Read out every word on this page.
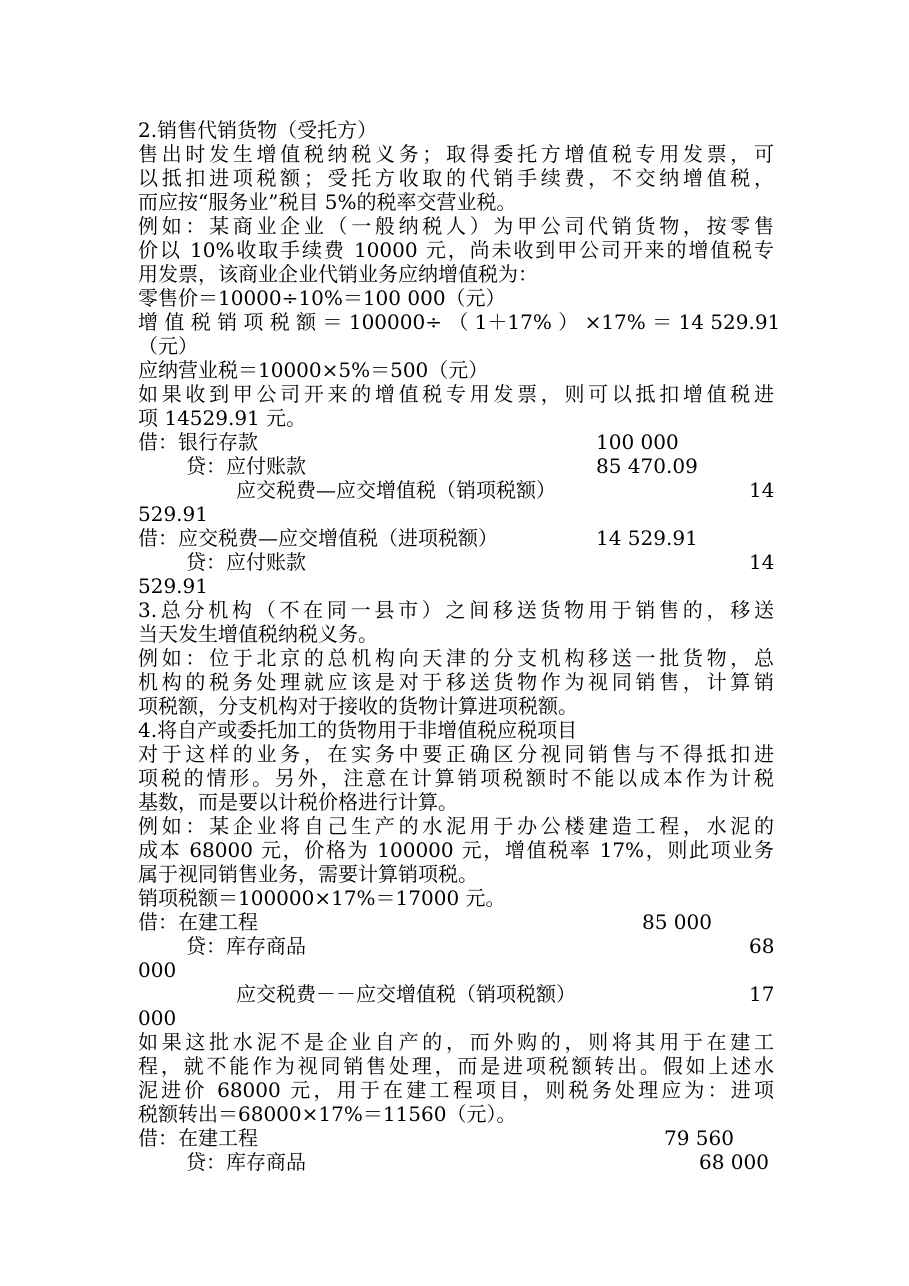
2.销售代销货物（受托方）
售出时发生增值税纳税义务；取得委托方增值税专用发票，可
以抵扣进项税额；受托方收取的代销手续费，不交纳增值税，
而应按“服务业”税目 5%的税率交营业税。
例如：某商业企业（一般纳税人）为甲公司代销货物，按零售
价以 10%收取手续费 10000 元，尚未收到甲公司开来的增值税专
用发票，该商业企业代销业务应纳增值税为：
零售价＝10000÷10%＝100 000（元）
增 值 税 销 项 税 额 ＝ 100000÷ （ 1＋17% ） ×17% ＝ 14 529.91
（元）
应纳营业税＝10000×5%＝500（元）
如果收到甲公司开来的增值税专用发票，则可以抵扣增值税进
项 14529.91 元。
借：银行存款	100 000
贷：应付账款	85 470.09
应交税费—应交增值税（销项税额）	14
529.91
借：应交税费—应交增值税（进项税额）	14 529.91
贷：应付账款	14
529.91
3.总分机构（不在同一县市）之间移送货物用于销售的，移送
当天发生增值税纳税义务。
例如：位于北京的总机构向天津的分支机构移送一批货物，总
机构的税务处理就应该是对于移送货物作为视同销售，计算销
项税额，分支机构对于接收的货物计算进项税额。
4.将自产或委托加工的货物用于非增值税应税项目
对于这样的业务，在实务中要正确区分视同销售与不得抵扣进
项税的情形。另外，注意在计算销项税额时不能以成本作为计税
基数，而是要以计税价格进行计算。
例如：某企业将自己生产的水泥用于办公楼建造工程，水泥的
成本 68000 元，价格为 100000 元，增值税率 17%，则此项业务
属于视同销售业务，需要计算销项税。
销项税额＝100000×17%＝17000 元。
借：在建工程	85 000
贷：库存商品	68
000
应交税费－－应交增值税（销项税额）	17
000
如果这批水泥不是企业自产的，而外购的，则将其用于在建工
程，就不能作为视同销售处理，而是进项税额转出。假如上述水
泥进价 68000 元，用于在建工程项目，则税务处理应为：进项
税额转出＝68000×17%＝11560（元）。
借：在建工程	79 560
贷：库存商品	68 000
